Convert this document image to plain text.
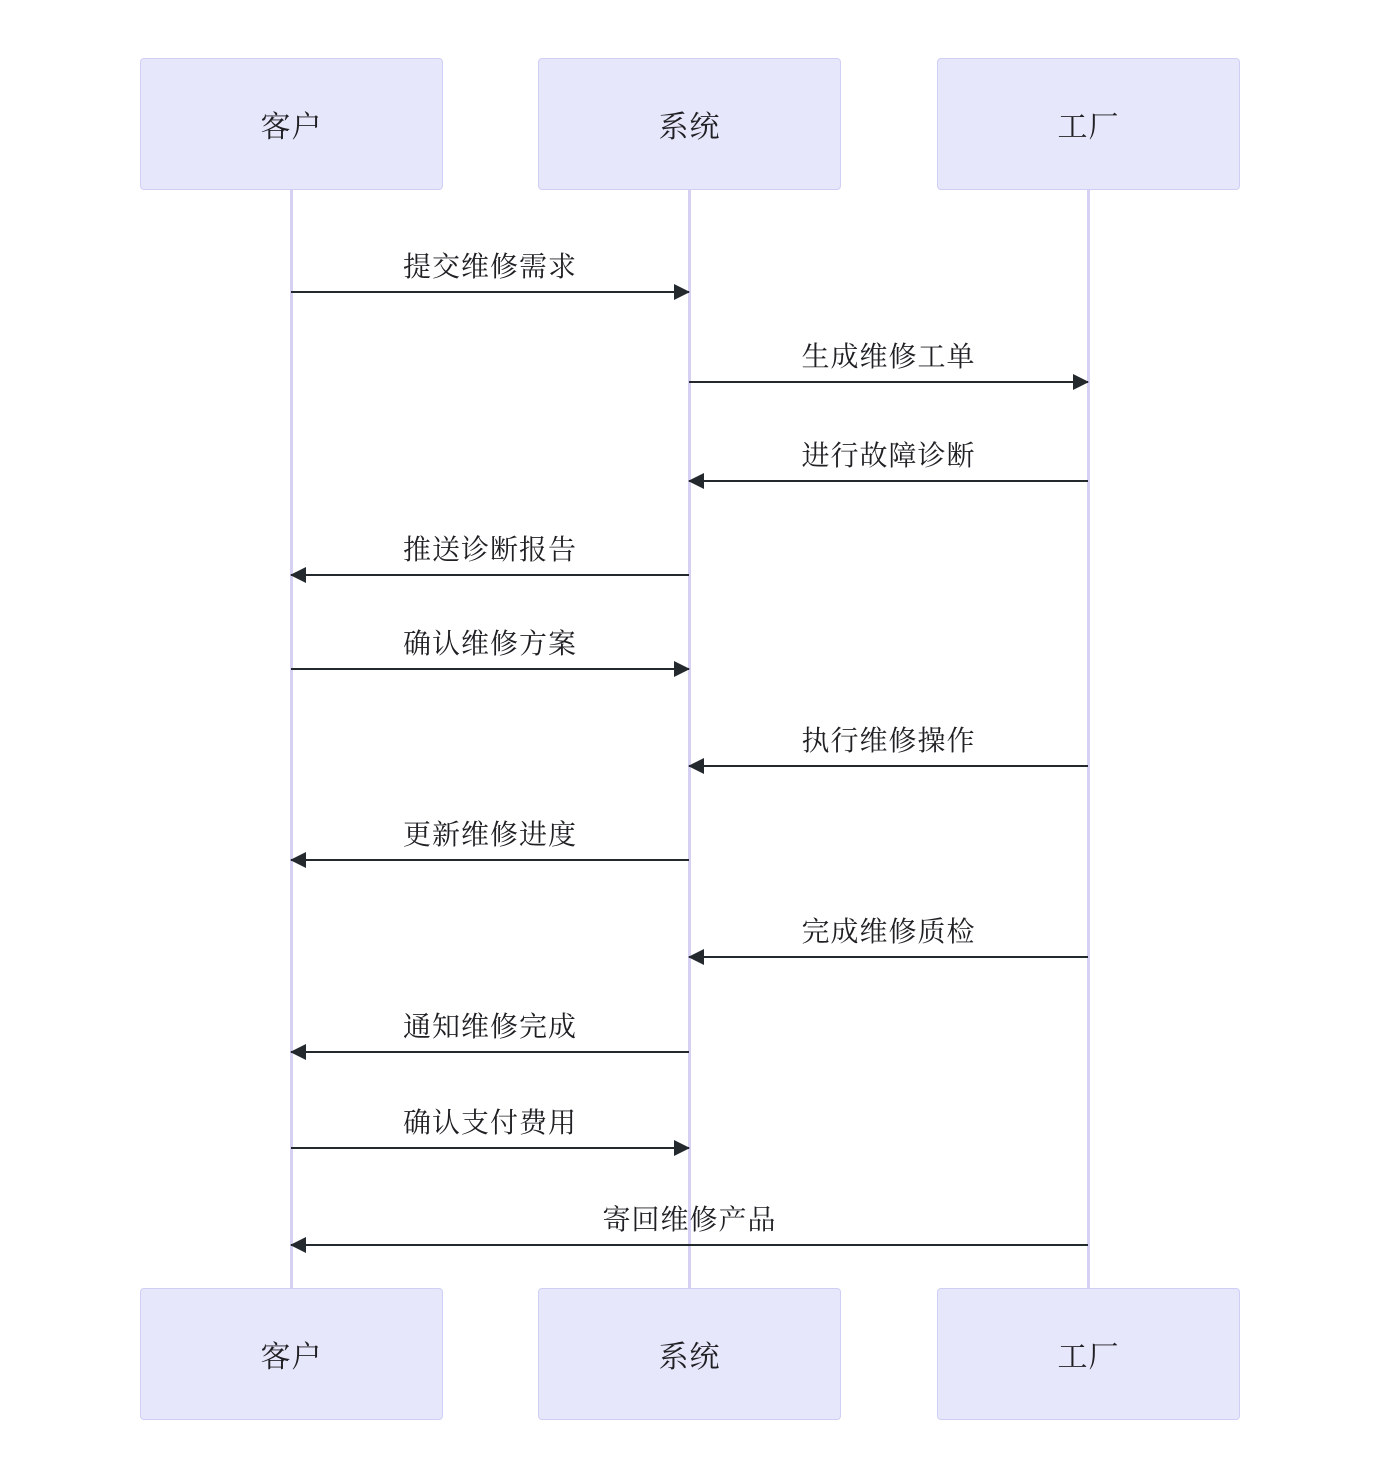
客户	系统	工厂
提交维修需求
生成维修工单
进行故障诊断
推送诊断报告
确认维修方案
执行维修操作
更新维修进度
完成维修质检
通知维修完成
确认支付费用
寄回维修产品
客户	系统	工厂
